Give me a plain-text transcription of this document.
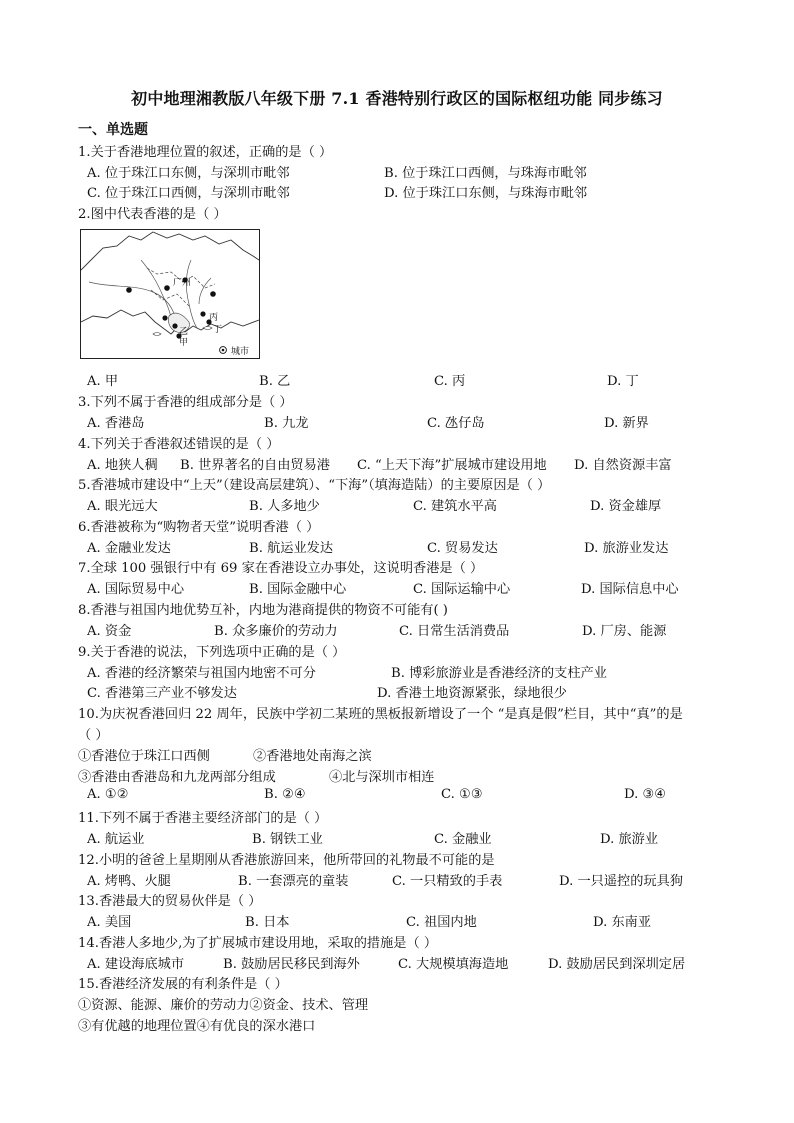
初中地理湘教版八年级下册 7.1 香港特别行政区的国际枢纽功能 同步练习
一、单选题
1.关于香港地理位置的叙述，正确的是（ ）
A. 位于珠江口东侧，与深圳市毗邻	B. 位于珠江口西侧，与珠海市毗邻
C. 位于珠江口西侧，与深圳市毗邻	D. 位于珠江口东侧，与珠海市毗邻
2.图中代表香港的是（ ）
广州
丙
丁
乙
甲
城市
A. 甲	B. 乙	C. 丙	D. 丁
3.下列不属于香港的组成部分是（ ）
A. 香港岛	B. 九龙	C. 氹仔岛	D. 新界
4.下列关于香港叙述错误的是（ ）
A. 地狭人稠 B. 世界著名的自由贸易港 C. “上天下海”扩展城市建设用地 D. 自然资源丰富
5.香港城市建设中“上天”（建设高层建筑）、“下海”（填海造陆）的主要原因是（ ）
A. 眼光远大	B. 人多地少	C. 建筑水平高	D. 资金雄厚
6.香港被称为“购物者天堂”说明香港（ ）
A. 金融业发达	B. 航运业发达	C. 贸易发达	D. 旅游业发达
7.全球 100 强银行中有 69 家在香港设立办事处，这说明香港是（ ）
A. 国际贸易中心	B. 国际金融中心	C. 国际运输中心	D. 国际信息中心
8.香港与祖国内地优势互补，内地为港商提供的物资不可能有( )
A. 资金	B. 众多廉价的劳动力	C. 日常生活消费品	D. 厂房、能源
9.关于香港的说法，下列选项中正确的是（ ）
A. 香港的经济繁荣与祖国内地密不可分	B. 博彩旅游业是香港经济的支柱产业
C. 香港第三产业不够发达	D. 香港土地资源紧张，绿地很少
10.为庆祝香港回归 22 周年，民族中学初二某班的黑板报新增设了一个 “是真是假”栏目，其中“真”的是
（ ）
①香港位于珠江口西侧	②香港地处南海之滨
③香港由香港岛和九龙两部分组成	④北与深圳市相连
A. ①②	B. ②④	C. ①③	D. ③④
11.下列不属于香港主要经济部门的是（ ）
A. 航运业	B. 钢铁工业	C. 金融业	D. 旅游业
12.小明的爸爸上星期刚从香港旅游回来，他所带回的礼物最不可能的是
A. 烤鸭、火腿	B. 一套漂亮的童装	C. 一只精致的手表	D. 一只遥控的玩具狗
13.香港最大的贸易伙伴是（ ）
A. 美国	B. 日本	C. 祖国内地	D. 东南亚
14.香港人多地少,为了扩展城市建设用地，采取的措施是（ ）
A. 建设海底城市	B. 鼓励居民移民到海外	C. 大规模填海造地	D. 鼓励居民到深圳定居
15.香港经济发展的有利条件是（ ）
①资源、能源、廉价的劳动力②资金、技术、管理
③有优越的地理位置④有优良的深水港口
